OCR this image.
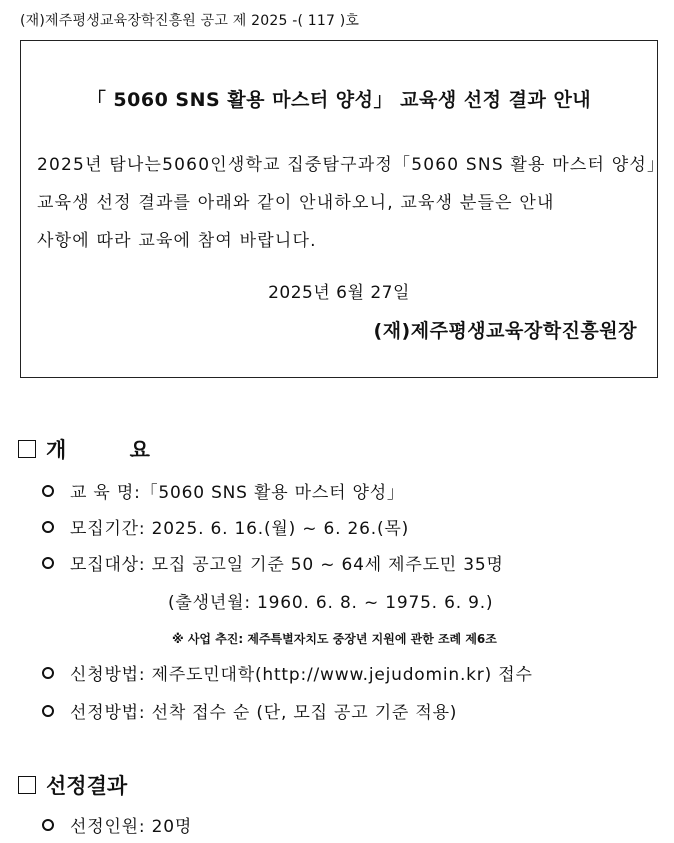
(재)제주평생교육장학진흥원 공고 제 2025 -( 117 )호
「 5060 SNS 활용 마스터 양성」 교육생 선정 결과 안내
2025년 탐나는5060인생학교 집중탐구과정「5060 SNS 활용 마스터 양성」
교육생 선정 결과를 아래와 같이 안내하오니, 교육생 분들은 안내
사항에 따라 교육에 참여 바랍니다.
2025년 6월 27일
(재)제주평생교육장학진흥원장
개 요
교 육 명:「5060 SNS 활용 마스터 양성」
모집기간: 2025. 6. 16.(월) ~ 6. 26.(목)
모집대상: 모집 공고일 기준 50 ~ 64세 제주도민 35명
(출생년월: 1960. 6. 8. ~ 1975. 6. 9.)
※ 사업 추진: 제주특별자치도 중장년 지원에 관한 조례 제6조
신청방법: 제주도민대학(http://www.jejudomin.kr) 접수
선정방법: 선착 접수 순 (단, 모집 공고 기준 적용)
선정결과
선정인원: 20명
